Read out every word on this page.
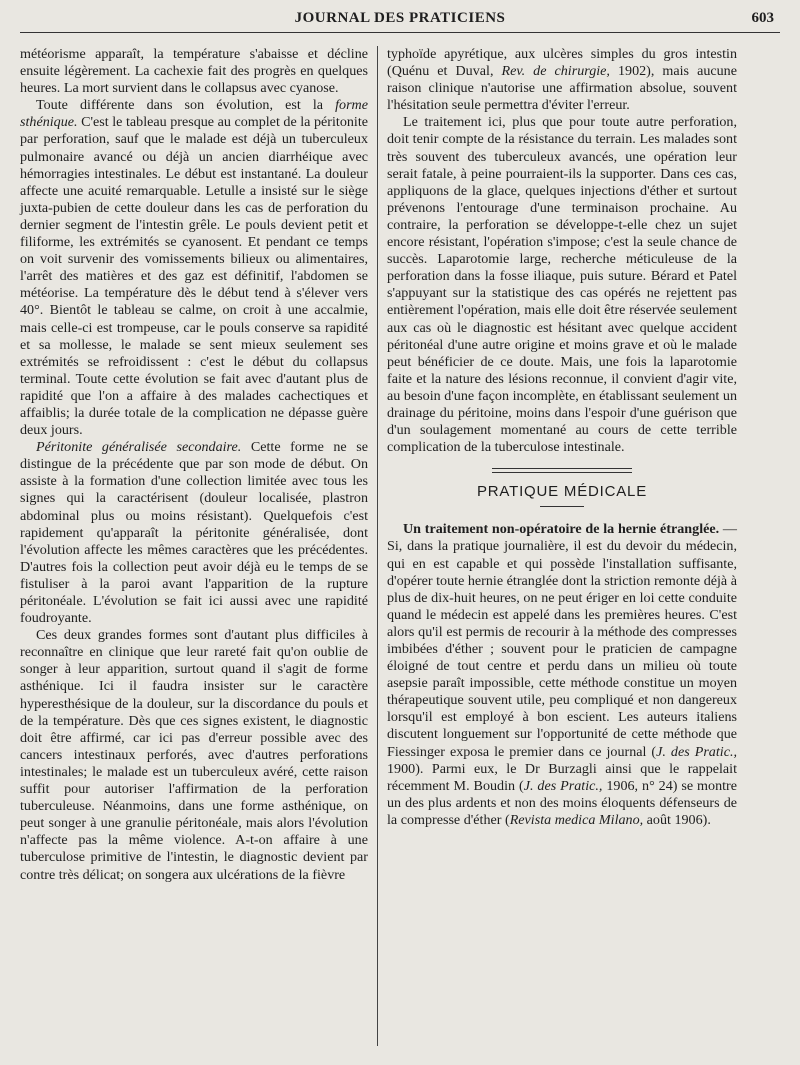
JOURNAL DES PRATICIENS	603

météorisme apparaît, la température s'abaisse et décline ensuite légèrement. La cachexie fait des progrès en quelques heures. La mort survient dans le collapsus avec cyanose.

Toute différente dans son évolution, est la forme sthénique. C'est le tableau presque au complet de la péritonite par perforation, sauf que le malade est déjà un tuberculeux pulmonaire avancé ou déjà un ancien diarrhéique avec hémorragies intestinales. Le début est instantané. La douleur affecte une acuité remarquable. Letulle a insisté sur le siège juxta-pubien de cette douleur dans les cas de perforation du dernier segment de l'intestin grêle. Le pouls devient petit et filiforme, les extrémités se cyanosent. Et pendant ce temps on voit survenir des vomissements bilieux ou alimentaires, l'arrêt des matières et des gaz est définitif, l'abdomen se météorise. La température dès le début tend à s'élever vers 40°. Bientôt le tableau se calme, on croit à une accalmie, mais celle-ci est trompeuse, car le pouls conserve sa rapidité et sa mollesse, le malade se sent mieux seulement ses extrémités se refroidissent : c'est le début du collapsus terminal. Toute cette évolution se fait avec d'autant plus de rapidité que l'on a affaire à des malades cachectiques et affaiblis; la durée totale de la complication ne dépasse guère deux jours.

Péritonite généralisée secondaire. Cette forme ne se distingue de la précédente que par son mode de début. On assiste à la formation d'une collection limitée avec tous les signes qui la caractérisent (douleur localisée, plastron abdominal plus ou moins résistant). Quelquefois c'est rapidement qu'apparaît la péritonite généralisée, dont l'évolution affecte les mêmes caractères que les précédentes. D'autres fois la collection peut avoir déjà eu le temps de se fistuliser à la paroi avant l'apparition de la rupture péritonéale. L'évolution se fait ici aussi avec une rapidité foudroyante.

Ces deux grandes formes sont d'autant plus difficiles à reconnaître en clinique que leur rareté fait qu'on oublie de songer à leur apparition, surtout quand il s'agit de forme asthénique. Ici il faudra insister sur le caractère hyperesthésique de la douleur, sur la discordance du pouls et de la température. Dès que ces signes existent, le diagnostic doit être affirmé, car ici pas d'erreur possible avec des cancers intestinaux perforés, avec d'autres perforations intestinales; le malade est un tuberculeux avéré, cette raison suffit pour autoriser l'affirmation de la perforation tuberculeuse. Néanmoins, dans une forme asthénique, on peut songer à une granulie péritonéale, mais alors l'évolution n'affecte pas la même violence. A-t-on affaire à une tuberculose primitive de l'intestin, le diagnostic devient par contre très délicat; on songera aux ulcérations de la fièvre

typhoïde apyrétique, aux ulcères simples du gros intestin (Quénu et Duval, Rev. de chirurgie, 1902), mais aucune raison clinique n'autorise une affirmation absolue, souvent l'hésitation seule permettra d'éviter l'erreur.

Le traitement ici, plus que pour toute autre perforation, doit tenir compte de la résistance du terrain. Les malades sont très souvent des tuberculeux avancés, une opération leur serait fatale, à peine pourraient-ils la supporter. Dans ces cas, appliquons de la glace, quelques injections d'éther et surtout prévenons l'entourage d'une terminaison prochaine. Au contraire, la perforation se développe-t-elle chez un sujet encore résistant, l'opération s'impose; c'est la seule chance de succès. Laparotomie large, recherche méticuleuse de la perforation dans la fosse iliaque, puis suture. Bérard et Patel s'appuyant sur la statistique des cas opérés ne rejettent pas entièrement l'opération, mais elle doit être réservée seulement aux cas où le diagnostic est hésitant avec quelque accident péritonéal d'une autre origine et moins grave et où le malade peut bénéficier de ce doute. Mais, une fois la laparotomie faite et la nature des lésions reconnue, il convient d'agir vite, au besoin d'une façon incomplète, en établissant seulement un drainage du péritoine, moins dans l'espoir d'une guérison que d'un soulagement momentané au cours de cette terrible complication de la tuberculose intestinale.

PRATIQUE MÉDICALE

Un traitement non-opératoire de la hernie étranglée. — Si, dans la pratique journalière, il est du devoir du médecin, qui en est capable et qui possède l'installation suffisante, d'opérer toute hernie étranglée dont la striction remonte déjà à plus de dix-huit heures, on ne peut ériger en loi cette conduite quand le médecin est appelé dans les premières heures. C'est alors qu'il est permis de recourir à la méthode des compresses imbibées d'éther ; souvent pour le praticien de campagne éloigné de tout centre et perdu dans un milieu où toute asepsie paraît impossible, cette méthode constitue un moyen thérapeutique souvent utile, peu compliqué et non dangereux lorsqu'il est employé à bon escient. Les auteurs italiens discutent longuement sur l'opportunité de cette méthode que Fiessinger exposa le premier dans ce journal (J. des Pratic., 1900). Parmi eux, le Dr Burzagli ainsi que le rappelait récemment M. Boudin (J. des Pratic., 1906, n° 24) se montre un des plus ardents et non des moins éloquents défenseurs de la compresse d'éther (Revista medica Milano, août 1906).
